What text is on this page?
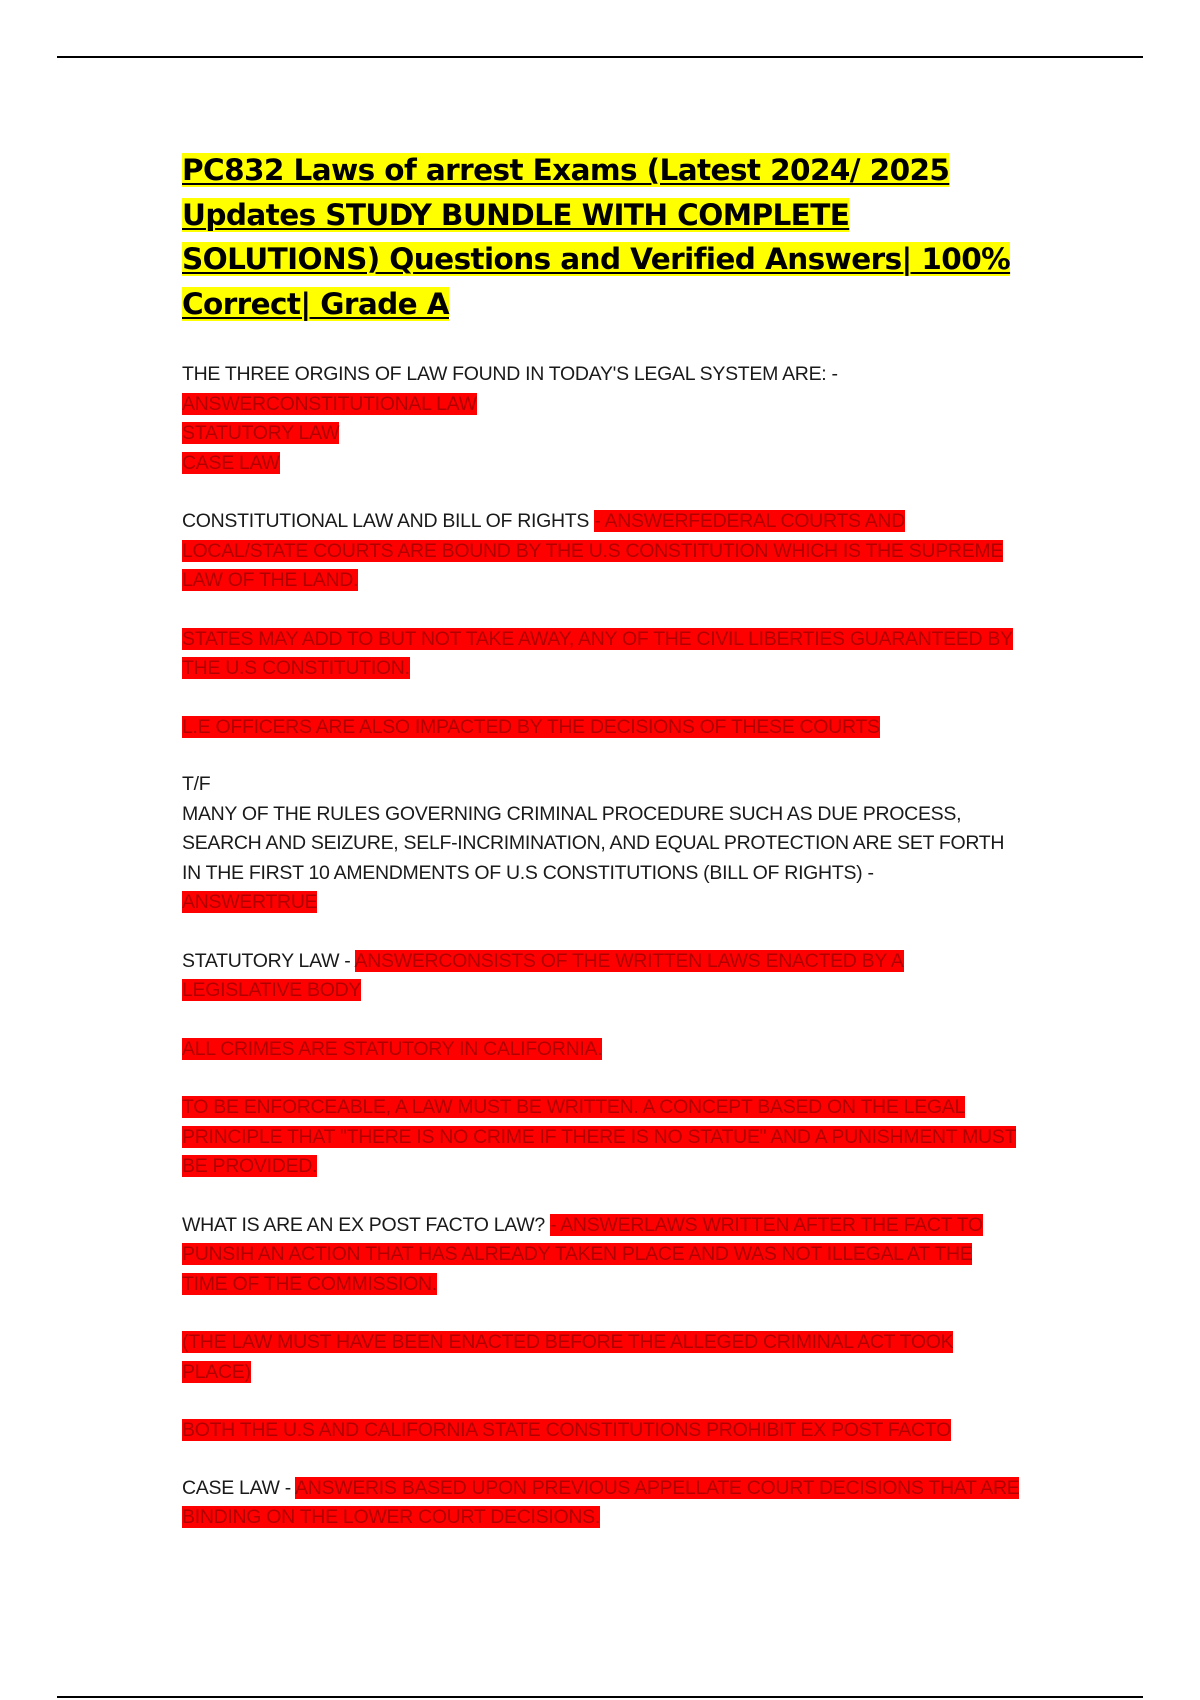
PC832 Laws of arrest Exams (Latest 2024/ 2025 Updates STUDY BUNDLE WITH COMPLETE SOLUTIONS) Questions and Verified Answers| 100% Correct| Grade A

THE THREE ORGINS OF LAW FOUND IN TODAY'S LEGAL SYSTEM ARE: -
ANSWERCONSTITUTIONAL LAW
STATUTORY LAW
CASE LAW

CONSTITUTIONAL LAW AND BILL OF RIGHTS - ANSWERFEDERAL COURTS AND LOCAL/STATE COURTS ARE BOUND BY THE U.S CONSTITUTION WHICH IS THE SUPREME LAW OF THE LAND.

STATES MAY ADD TO BUT NOT TAKE AWAY, ANY OF THE CIVIL LIBERTIES GUARANTEED BY THE U.S CONSTITUTION.

L.E OFFICERS ARE ALSO IMPACTED BY THE DECISIONS OF THESE COURTS

T/F
MANY OF THE RULES GOVERNING CRIMINAL PROCEDURE SUCH AS DUE PROCESS, SEARCH AND SEIZURE, SELF-INCRIMINATION, AND EQUAL PROTECTION ARE SET FORTH IN THE FIRST 10 AMENDMENTS OF U.S CONSTITUTIONS (BILL OF RIGHTS) -
ANSWERTRUE

STATUTORY LAW - ANSWERCONSISTS OF THE WRITTEN LAWS ENACTED BY A LEGISLATIVE BODY

ALL CRIMES ARE STATUTORY IN CALIFORNIA.

TO BE ENFORCEABLE, A LAW MUST BE WRITTEN. A CONCEPT BASED ON THE LEGAL PRINCIPLE THAT "THERE IS NO CRIME IF THERE IS NO STATUE" AND A PUNISHMENT MUST BE PROVIDED.

WHAT IS ARE AN EX POST FACTO LAW? - ANSWERLAWS WRITTEN AFTER THE FACT TO PUNSIH AN ACTION THAT HAS ALREADY TAKEN PLACE AND WAS NOT ILLEGAL AT THE TIME OF THE COMMISSION.

(THE LAW MUST HAVE BEEN ENACTED BEFORE THE ALLEGED CRIMINAL ACT TOOK PLACE)

BOTH THE U.S AND CALIFORNIA STATE CONSTITUTIONS PROHIBIT EX POST FACTO

CASE LAW - ANSWERIS BASED UPON PREVIOUS APPELLATE COURT DECISIONS THAT ARE BINDING ON THE LOWER COURT DECISIONS.
